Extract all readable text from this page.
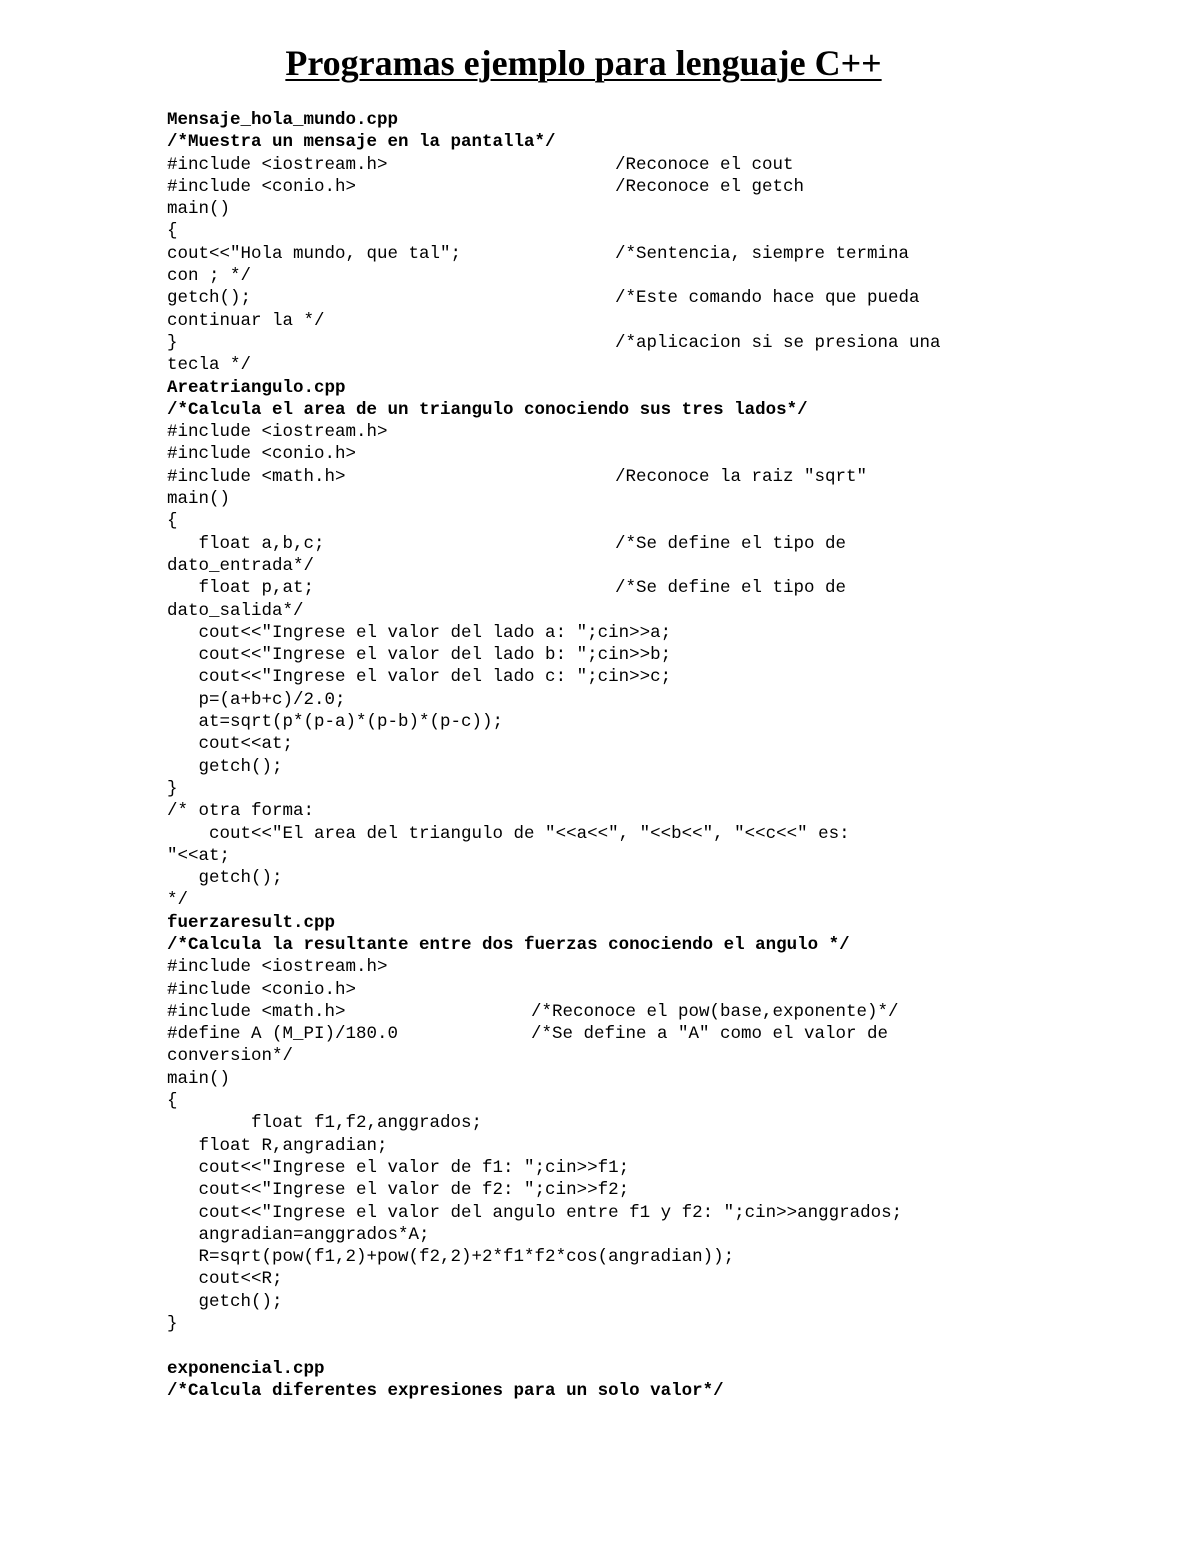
Programas ejemplo para lenguaje C++
Mensaje_hola_mundo.cpp
/*Muestra un mensaje en la pantalla*/
#include <iostream.h>	/Reconoce el cout
#include <conio.h>	/Reconoce el getch
main()
{
cout<<"Hola mundo, que tal";	/*Sentencia, siempre termina
con ; */
getch();	/*Este comando hace que pueda
continuar la */
}	/*aplicacion si se presiona una
tecla */
Areatriangulo.cpp
/*Calcula el area de un triangulo conociendo sus tres lados*/
#include <iostream.h>
#include <conio.h>
#include <math.h>	/Reconoce la raiz "sqrt"
main()
{
float a,b,c;	/*Se define el tipo de
dato_entrada*/
float p,at;	/*Se define el tipo de
dato_salida*/
cout<<"Ingrese el valor del lado a: ";cin>>a;
cout<<"Ingrese el valor del lado b: ";cin>>b;
cout<<"Ingrese el valor del lado c: ";cin>>c;
p=(a+b+c)/2.0;
at=sqrt(p*(p-a)*(p-b)*(p-c));
cout<<at;
getch();
}
/* otra forma:
cout<<"El area del triangulo de "<<a<<", "<<b<<", "<<c<<" es:
"<<at;
getch();
*/
fuerzaresult.cpp
/*Calcula la resultante entre dos fuerzas conociendo el angulo */
#include <iostream.h>
#include <conio.h>
#include <math.h>	/*Reconoce el pow(base,exponente)*/
#define A (M_PI)/180.0	/*Se define a "A" como el valor de
conversion*/
main()
{
float f1,f2,anggrados;
float R,angradian;
cout<<"Ingrese el valor de f1: ";cin>>f1;
cout<<"Ingrese el valor de f2: ";cin>>f2;
cout<<"Ingrese el valor del angulo entre f1 y f2: ";cin>>anggrados;
angradian=anggrados*A;
R=sqrt(pow(f1,2)+pow(f2,2)+2*f1*f2*cos(angradian));
cout<<R;
getch();
}
exponencial.cpp
/*Calcula diferentes expresiones para un solo valor*/
